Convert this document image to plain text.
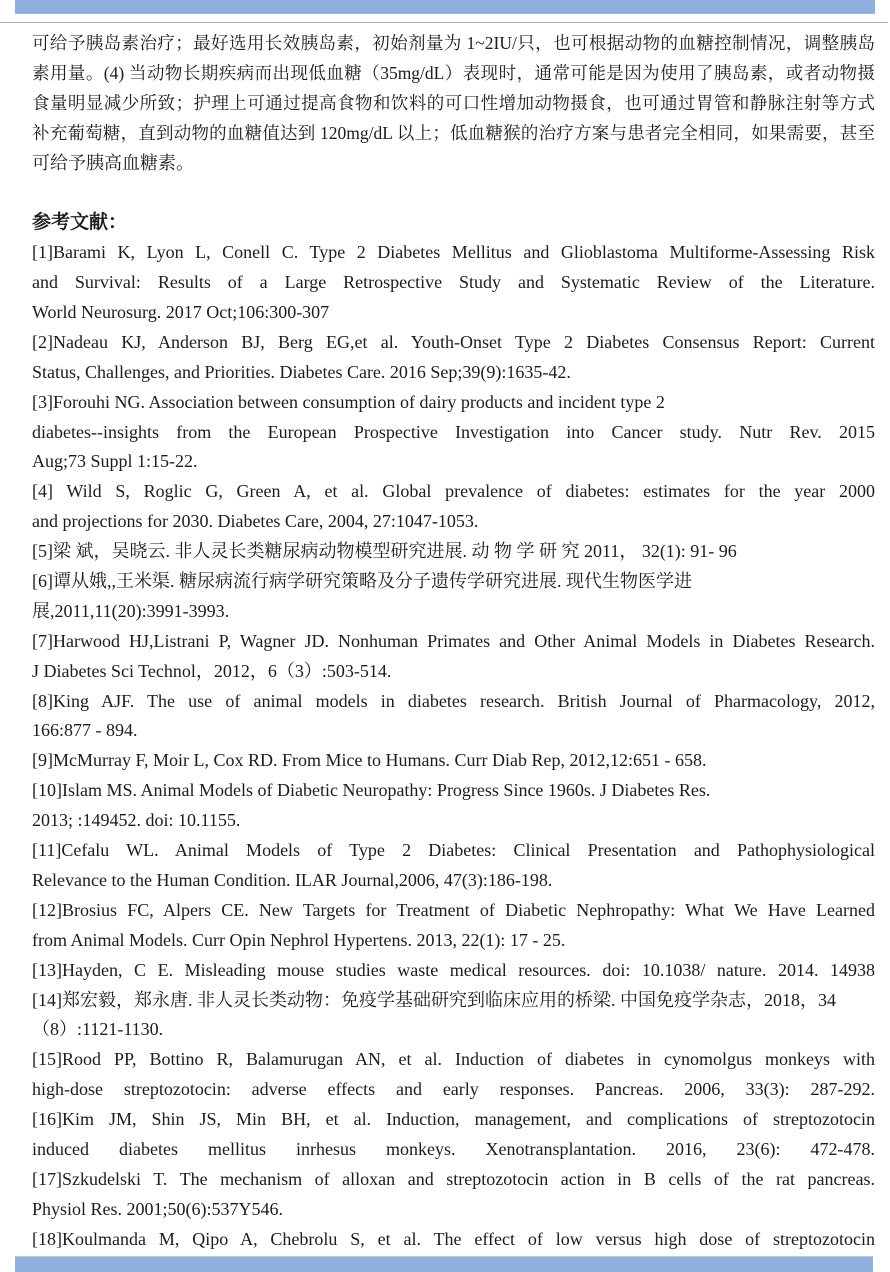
可给予胰岛素治疗；最好选用长效胰岛素，初始剂量为 1~2IU/只，也可根据动物的血糖控制情况，调整胰岛
素用量。(4) 当动物长期疾病而出现低血糖（35mg/dL）表现时，通常可能是因为使用了胰岛素，或者动物摄
食量明显减少所致；护理上可通过提高食物和饮料的可口性增加动物摄食，也可通过胃管和静脉注射等方式
补充葡萄糖，直到动物的血糖值达到 120mg/dL 以上；低血糖猴的治疗方案与患者完全相同，如果需要，甚至
可给予胰高血糖素。
参考文献：
[1]Barami K, Lyon L, Conell C. Type 2 Diabetes Mellitus and Glioblastoma Multiforme-Assessing Risk
and Survival: Results of a Large Retrospective Study and Systematic Review of the Literature.
World Neurosurg. 2017 Oct;106:300-307
[2]Nadeau KJ, Anderson BJ, Berg EG,et al. Youth-Onset Type 2 Diabetes Consensus Report: Current
Status, Challenges, and Priorities. Diabetes Care. 2016 Sep;39(9):1635-42.
[3]Forouhi NG. Association between consumption of dairy products and incident type 2
diabetes--insights from the European Prospective Investigation into Cancer study. Nutr Rev. 2015
Aug;73 Suppl 1:15-22.
[4] Wild S, Roglic G, Green A, et al. Global prevalence of diabetes: estimates for the year 2000
and projections for 2030. Diabetes Care, 2004, 27:1047-1053.
[5]梁 斌，吴晓云. 非人灵长类糖尿病动物模型研究进展. 动 物 学 研 究 2011， 32(1): 91- 96
[6]谭从娥,,王米渠. 糖尿病流行病学研究策略及分子遗传学研究进展. 现代生物医学进
展,2011,11(20):3991-3993.
[7]Harwood HJ,Listrani P, Wagner JD. Nonhuman Primates and Other Animal Models in Diabetes Research.
J Diabetes Sci Technol，2012，6（3）:503-514.
[8]King AJF. The use of animal models in diabetes research. British Journal of Pharmacology, 2012,
166:877 - 894.
[9]McMurray F, Moir L, Cox RD. From Mice to Humans. Curr Diab Rep, 2012,12:651 - 658.
[10]Islam MS. Animal Models of Diabetic Neuropathy: Progress Since 1960s. J Diabetes Res.
2013; :149452. doi: 10.1155.
[11]Cefalu WL. Animal Models of Type 2 Diabetes: Clinical Presentation and Pathophysiological
Relevance to the Human Condition. ILAR Journal,2006, 47(3):186-198.
[12]Brosius FC, Alpers CE. New Targets for Treatment of Diabetic Nephropathy: What We Have Learned
from Animal Models. Curr Opin Nephrol Hypertens. 2013, 22(1): 17 - 25.
[13]Hayden, C E. Misleading mouse studies waste medical resources. doi: 10.1038/ nature. 2014. 14938
[14]郑宏毅，郑永唐. 非人灵长类动物：免疫学基础研究到临床应用的桥梁. 中国免疫学杂志，2018，34
（8）:1121-1130.
[15]Rood PP, Bottino R, Balamurugan AN, et al. Induction of diabetes in cynomolgus monkeys with
high-dose streptozotocin: adverse effects and early responses. Pancreas. 2006, 33(3): 287-292.
[16]Kim JM, Shin JS, Min BH, et al. Induction, management, and complications of streptozotocin
induced diabetes mellitus inrhesus monkeys. Xenotransplantation. 2016, 23(6): 472-478.
[17]Szkudelski T. The mechanism of alloxan and streptozotocin action in B cells of the rat pancreas.
Physiol Res. 2001;50(6):537Y546.
[18]Koulmanda M, Qipo A, Chebrolu S, et al. The effect of low versus high dose of streptozotocin
